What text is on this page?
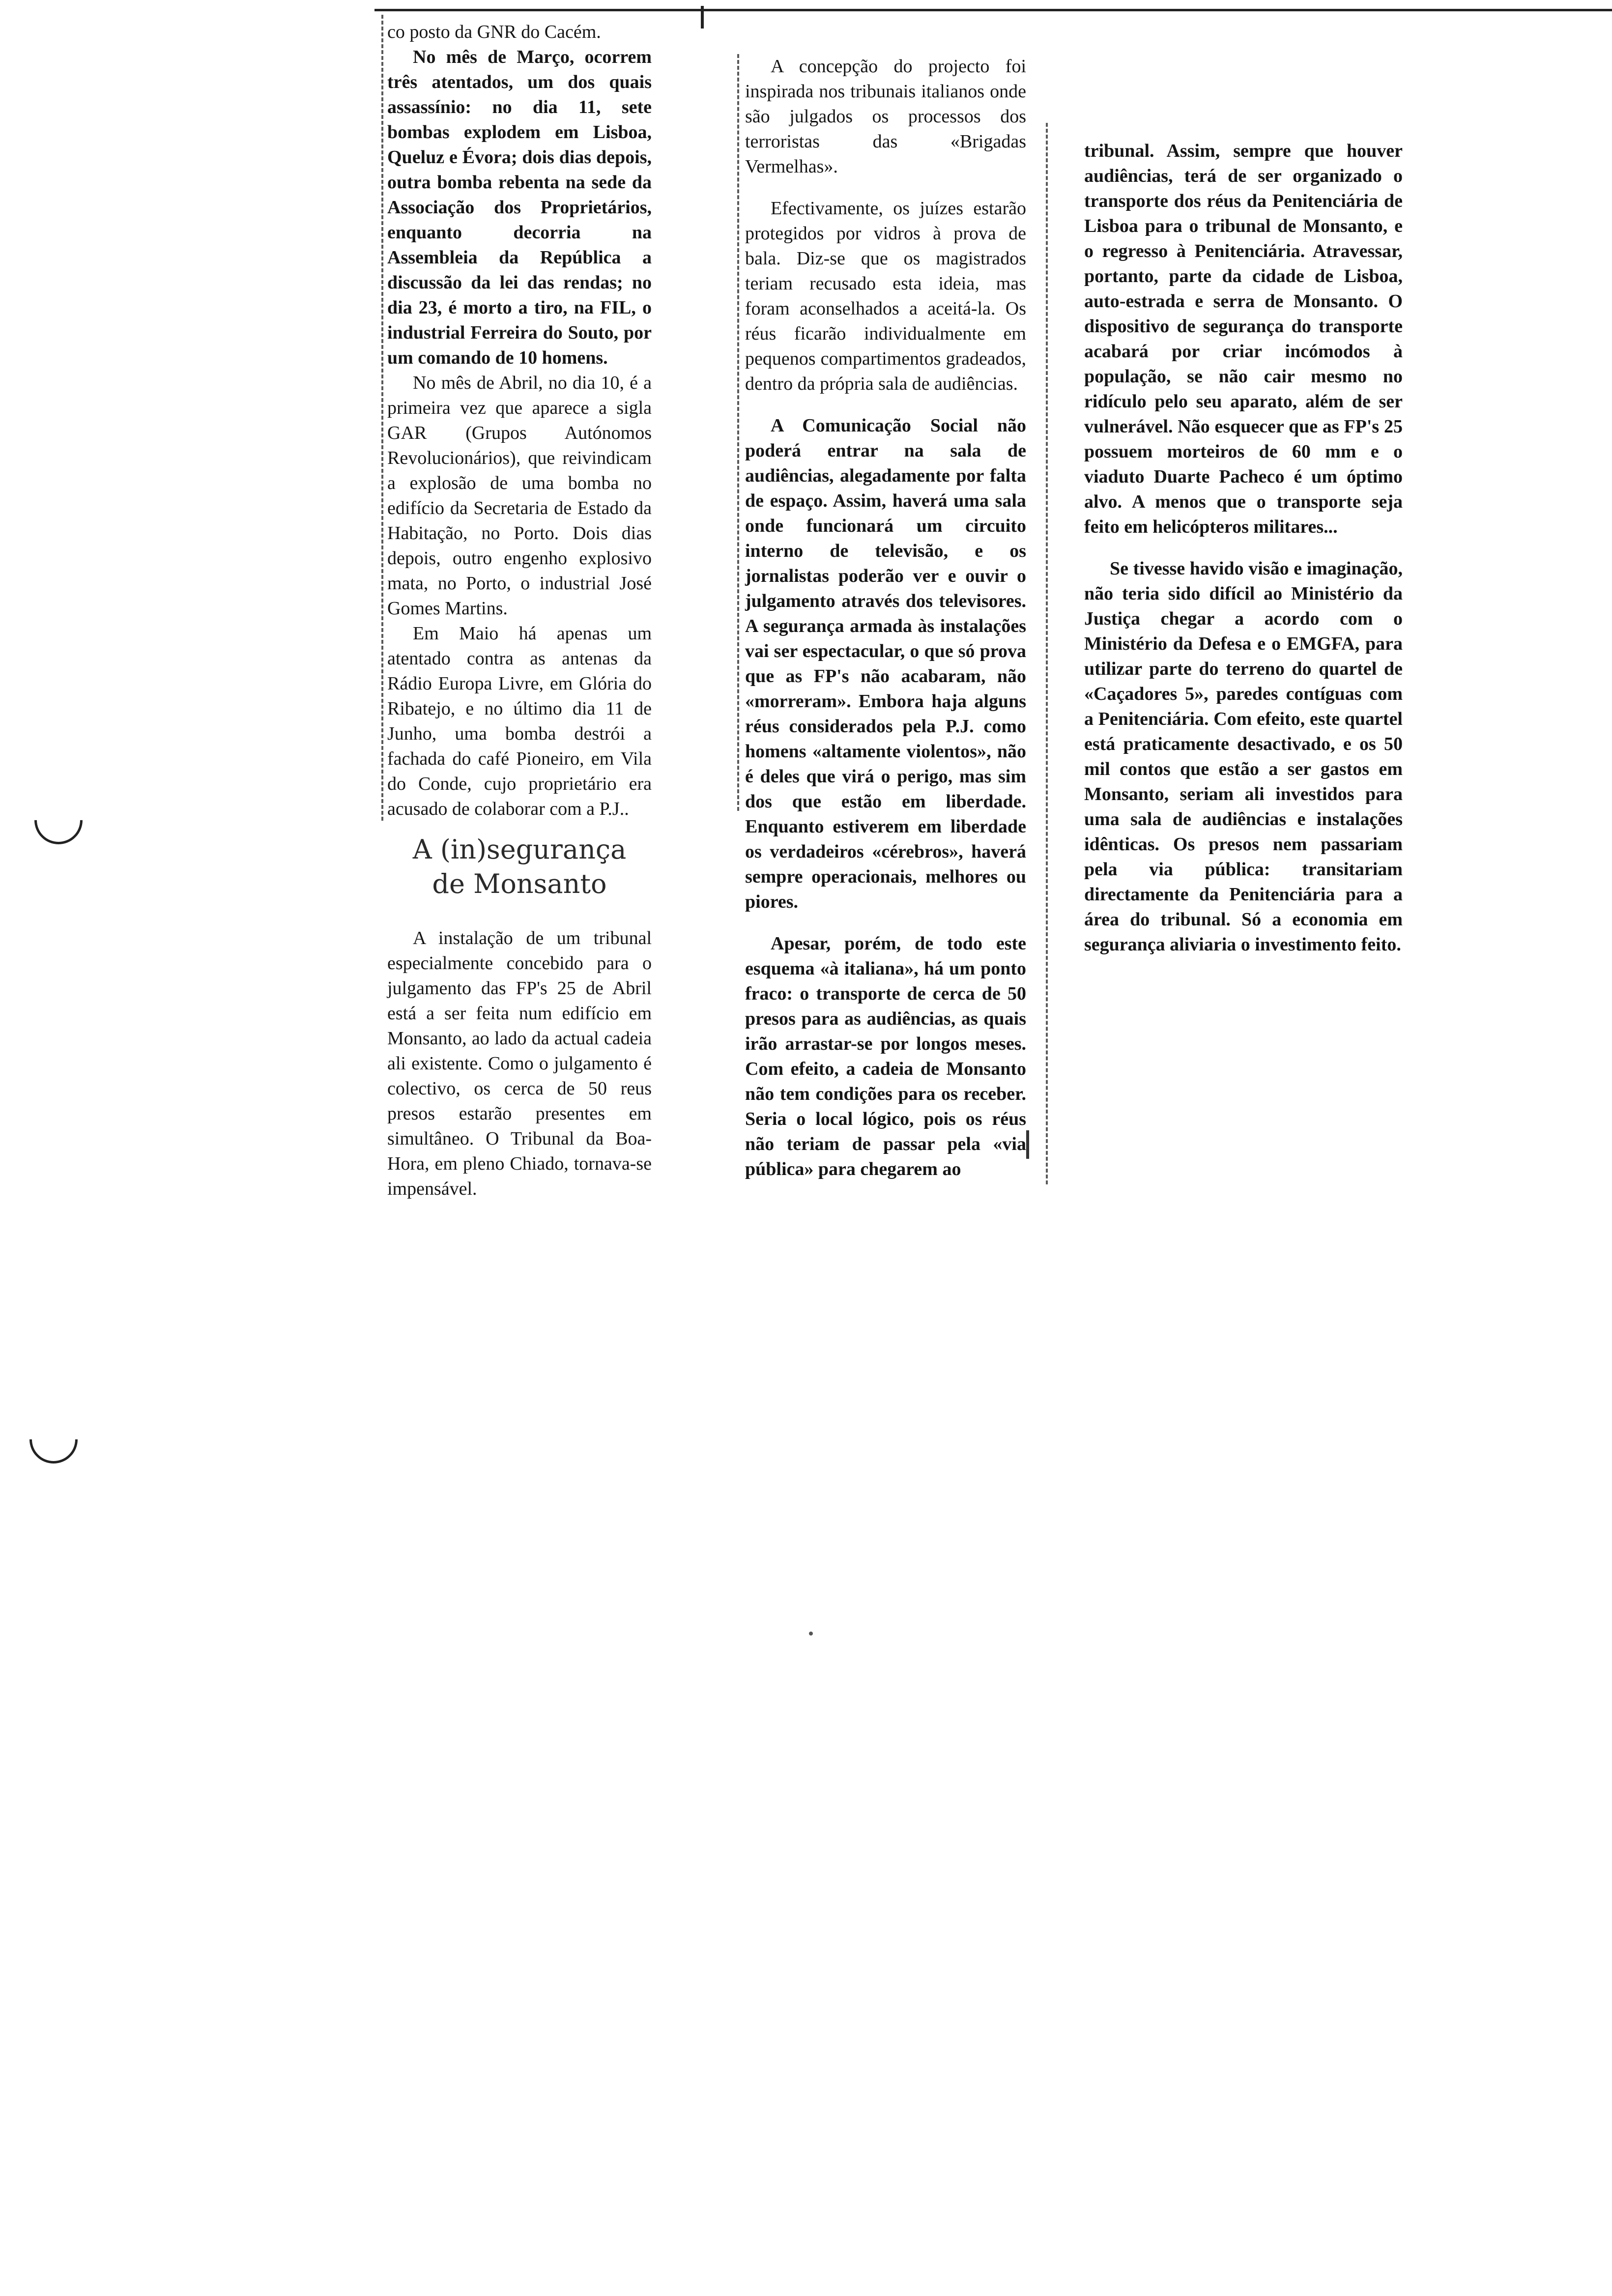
co posto da GNR do Cacém.

No mês de Março, ocorrem três atentados, um dos quais assassínio: no dia 11, sete bombas explodem em Lisboa, Queluz e Évora; dois dias depois, outra bomba rebenta na sede da Associação dos Proprietários, enquanto decorria na Assembleia da República a discussão da lei das rendas; no dia 23, é morto a tiro, na FIL, o industrial Ferreira do Souto, por um comando de 10 homens.

No mês de Abril, no dia 10, é a primeira vez que aparece a sigla GAR (Grupos Autónomos Revolucionários), que reivindicam a explosão de uma bomba no edifício da Secretaria de Estado da Habitação, no Porto. Dois dias depois, outro engenho explosivo mata, no Porto, o industrial José Gomes Martins.

Em Maio há apenas um atentado contra as antenas da Rádio Europa Livre, em Glória do Ribatejo, e no último dia 11 de Junho, uma bomba destrói a fachada do café Pioneiro, em Vila do Conde, cujo proprietário era acusado de colaborar com a P.J..

A (in)segurança
de Monsanto

A instalação de um tribunal especialmente concebido para o julgamento das FP's 25 de Abril está a ser feita num edifício em Monsanto, ao lado da actual cadeia ali existente. Como o julgamento é colectivo, os cerca de 50 reus presos estarão presentes em simultâneo. O Tribunal da Boa-Hora, em pleno Chiado, tornava-se impensável.

A concepção do projecto foi inspirada nos tribunais italianos onde são julgados os processos dos terroristas das «Brigadas Vermelhas».

Efectivamente, os juízes estarão protegidos por vidros à prova de bala. Diz-se que os magistrados teriam recusado esta ideia, mas foram aconselhados a aceitá-la. Os réus ficarão individualmente em pequenos compartimentos gradeados, dentro da própria sala de audiências.

A Comunicação Social não poderá entrar na sala de audiências, alegadamente por falta de espaço. Assim, haverá uma sala onde funcionará um circuito interno de televisão, e os jornalistas poderão ver e ouvir o julgamento através dos televisores. A segurança armada às instalações vai ser espectacular, o que só prova que as FP's não acabaram, não «morreram». Embora haja alguns réus considerados pela P.J. como homens «altamente violentos», não é deles que virá o perigo, mas sim dos que estão em liberdade. Enquanto estiverem em liberdade os verdadeiros «cérebros», haverá sempre operacionais, melhores ou piores.

Apesar, porém, de todo este esquema «à italiana», há um ponto fraco: o transporte de cerca de 50 presos para as audiências, as quais irão arrastar-se por longos meses. Com efeito, a cadeia de Monsanto não tem condições para os receber. Seria o local lógico, pois os réus não teriam de passar pela «via pública» para chegarem ao

tribunal. Assim, sempre que houver audiências, terá de ser organizado o transporte dos réus da Penitenciária de Lisboa para o tribunal de Monsanto, e o regresso à Penitenciária. Atravessar, portanto, parte da cidade de Lisboa, auto-estrada e serra de Monsanto. O dispositivo de segurança do transporte acabará por criar incómodos à população, se não cair mesmo no ridículo pelo seu aparato, além de ser vulnerável. Não esquecer que as FP's 25 possuem morteiros de 60 mm e o viaduto Duarte Pacheco é um óptimo alvo. A menos que o transporte seja feito em helicópteros militares...

Se tivesse havido visão e imaginação, não teria sido difícil ao Ministério da Justiça chegar a acordo com o Ministério da Defesa e o EMGFA, para utilizar parte do terreno do quartel de «Caçadores 5», paredes contíguas com a Penitenciária. Com efeito, este quartel está praticamente desactivado, e os 50 mil contos que estão a ser gastos em Monsanto, seriam ali investidos para uma sala de audiências e instalações idênticas. Os presos nem passariam pela via pública: transitariam directamente da Penitenciária para a área do tribunal. Só a economia em segurança aliviaria o investimento feito.
